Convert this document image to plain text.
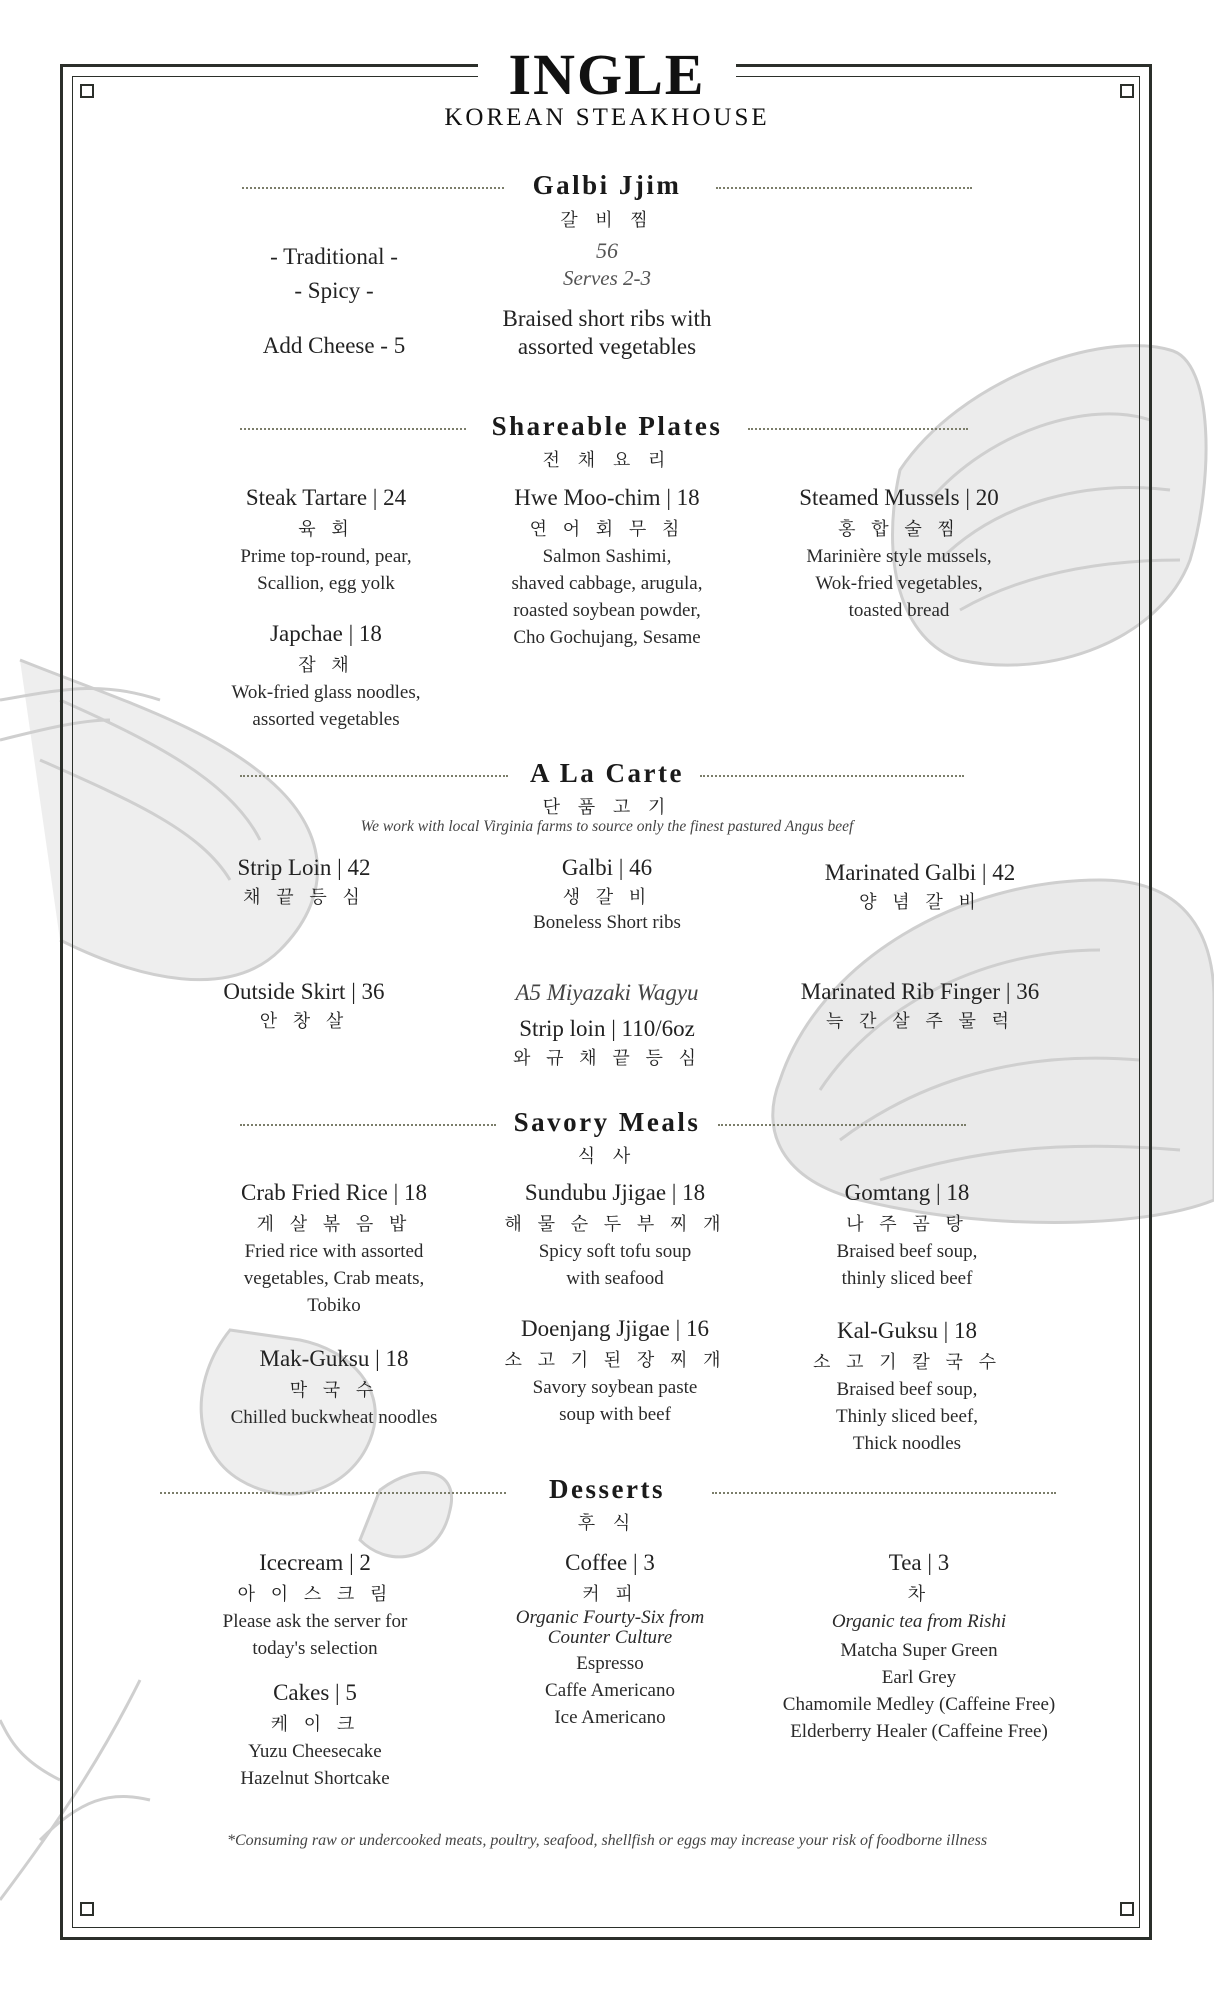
INGLE
KOREAN STEAKHOUSE
Galbi Jjim
갈 비 찜
- Traditional -
- Spicy -
Add Cheese - 5
56
Serves 2-3
Braised short ribs with
assorted vegetables
Shareable Plates
전 채 요 리
Steak Tartare | 24
육 회
Prime top-round, pear,
Scallion, egg yolk
Hwe Moo-chim | 18
연 어 회 무 침
Salmon Sashimi,
shaved cabbage, arugula,
roasted soybean powder,
Cho Gochujang, Sesame
Steamed Mussels | 20
홍 합 술 찜
Marinière style mussels,
Wok-fried vegetables,
toasted bread
Japchae | 18
잡 채
Wok-fried glass noodles,
assorted vegetables
A La Carte
단 품 고 기
We work with local Virginia farms to source only the finest pastured Angus beef
Strip Loin | 42
채 끝 등 심
Galbi | 46
생 갈 비
Boneless Short ribs
Marinated Galbi | 42
양 념 갈 비
Outside Skirt | 36
안 창 살
A5 Miyazaki Wagyu
Strip loin | 110/6oz
와 규 채 끝 등 심
Marinated Rib Finger | 36
늑 간 살 주 물 럭
Savory Meals
식 사
Crab Fried Rice | 18
게 살 볶 음 밥
Fried rice with assorted
vegetables, Crab meats,
Tobiko
Sundubu Jjigae | 18
해 물 순 두 부 찌 개
Spicy soft tofu soup
with seafood
Gomtang | 18
나 주 곰 탕
Braised beef soup,
thinly sliced beef
Mak-Guksu | 18
막 국 수
Chilled buckwheat noodles
Doenjang Jjigae | 16
소 고 기 된 장 찌 개
Savory soybean paste
soup with beef
Kal-Guksu | 18
소 고 기 칼 국 수
Braised beef soup,
Thinly sliced beef,
Thick noodles
Desserts
후 식
Icecream | 2
아 이 스 크 림
Please ask the server for
today's selection
Cakes | 5
케 이 크
Yuzu Cheesecake
Hazelnut Shortcake
Coffee | 3
커 피
Organic Fourty-Six from
Counter Culture
Espresso
Caffe Americano
Ice Americano
Tea | 3
차
Organic tea from Rishi
Matcha Super Green
Earl Grey
Chamomile Medley (Caffeine Free)
Elderberry Healer (Caffeine Free)
*Consuming raw or undercooked meats, poultry, seafood, shellfish or eggs may increase your risk of foodborne illness
